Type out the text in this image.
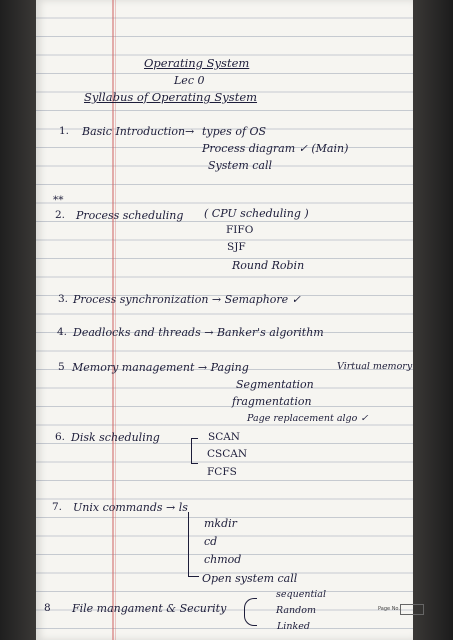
Operating System
Lec 0
Syllabus of Operating System
1. Basic Introduction → types of OS
Process diagram ✓ (Main)
System call
**
2. Process scheduling ( CPU scheduling )
FIFO
SJF
Round Robin
3. Process synchronization → Semaphore ✓
4. Deadlocks and threads → Banker's algorithm
5 Memory management → Paging	Virtual memory
Segmentation
fragmentation
Page replacement algo ✓
6. Disk scheduling	SCAN
CSCAN
FCFS
7. Unix commands → ls
mkdir
cd
chmod
Open system call
8 File mangament & Security
sequential
Random
Linked
Page No.
